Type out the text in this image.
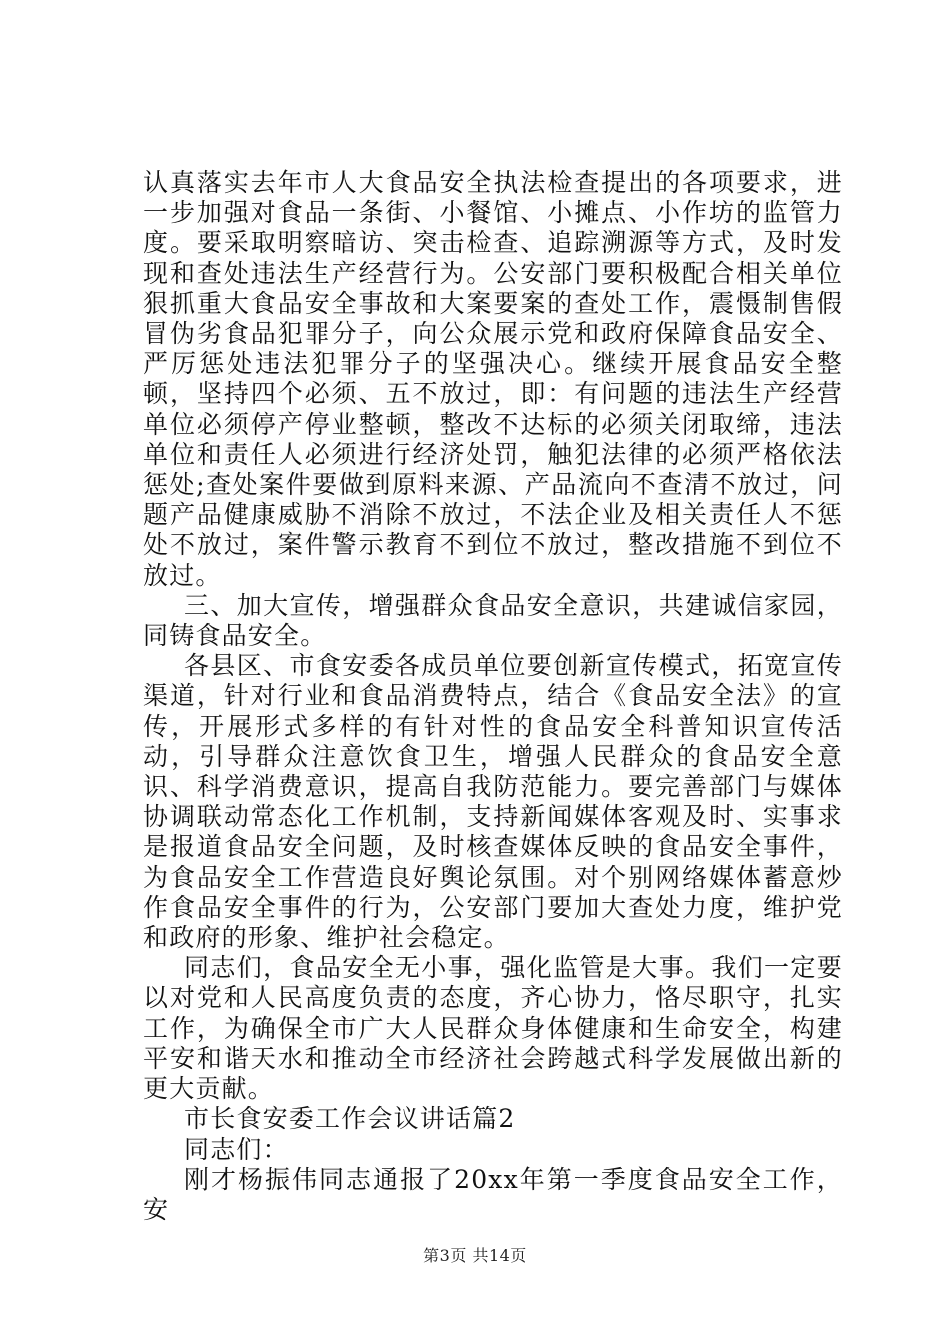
认真落实去年市人大食品安全执法检查提出的各项要求，进一步加强对食品一条街、小餐馆、小摊点、小作坊的监管力度。要采取明察暗访、突击检查、追踪溯源等方式，及时发现和查处违法生产经营行为。公安部门要积极配合相关单位狠抓重大食品安全事故和大案要案的查处工作，震慑制售假冒伪劣食品犯罪分子，向公众展示党和政府保障食品安全、严厉惩处违法犯罪分子的坚强决心。继续开展食品安全整顿，坚持四个必须、五不放过，即：有问题的违法生产经营单位必须停产停业整顿，整改不达标的必须关闭取缔，违法单位和责任人必须进行经济处罚，触犯法律的必须严格依法惩处;查处案件要做到原料来源、产品流向不查清不放过，问题产品健康威胁不消除不放过，不法企业及相关责任人不惩处不放过，案件警示教育不到位不放过，整改措施不到位不放过。

三、加大宣传，增强群众食品安全意识，共建诚信家园，同铸食品安全。

各县区、市食安委各成员单位要创新宣传模式，拓宽宣传渠道，针对行业和食品消费特点，结合《食品安全法》的宣传，开展形式多样的有针对性的食品安全科普知识宣传活动，引导群众注意饮食卫生，增强人民群众的食品安全意识、科学消费意识，提高自我防范能力。要完善部门与媒体协调联动常态化工作机制，支持新闻媒体客观及时、实事求是报道食品安全问题，及时核查媒体反映的食品安全事件，为食品安全工作营造良好舆论氛围。对个别网络媒体蓄意炒作食品安全事件的行为，公安部门要加大查处力度，维护党和政府的形象、维护社会稳定。

同志们，食品安全无小事，强化监管是大事。我们一定要以对党和人民高度负责的态度，齐心协力，恪尽职守，扎实工作，为确保全市广大人民群众身体健康和生命安全，构建平安和谐天水和推动全市经济社会跨越式科学发展做出新的更大贡献。

市长食安委工作会议讲话篇2

同志们：

刚才杨振伟同志通报了20xx年第一季度食品安全工作，安

第3页 共14页
